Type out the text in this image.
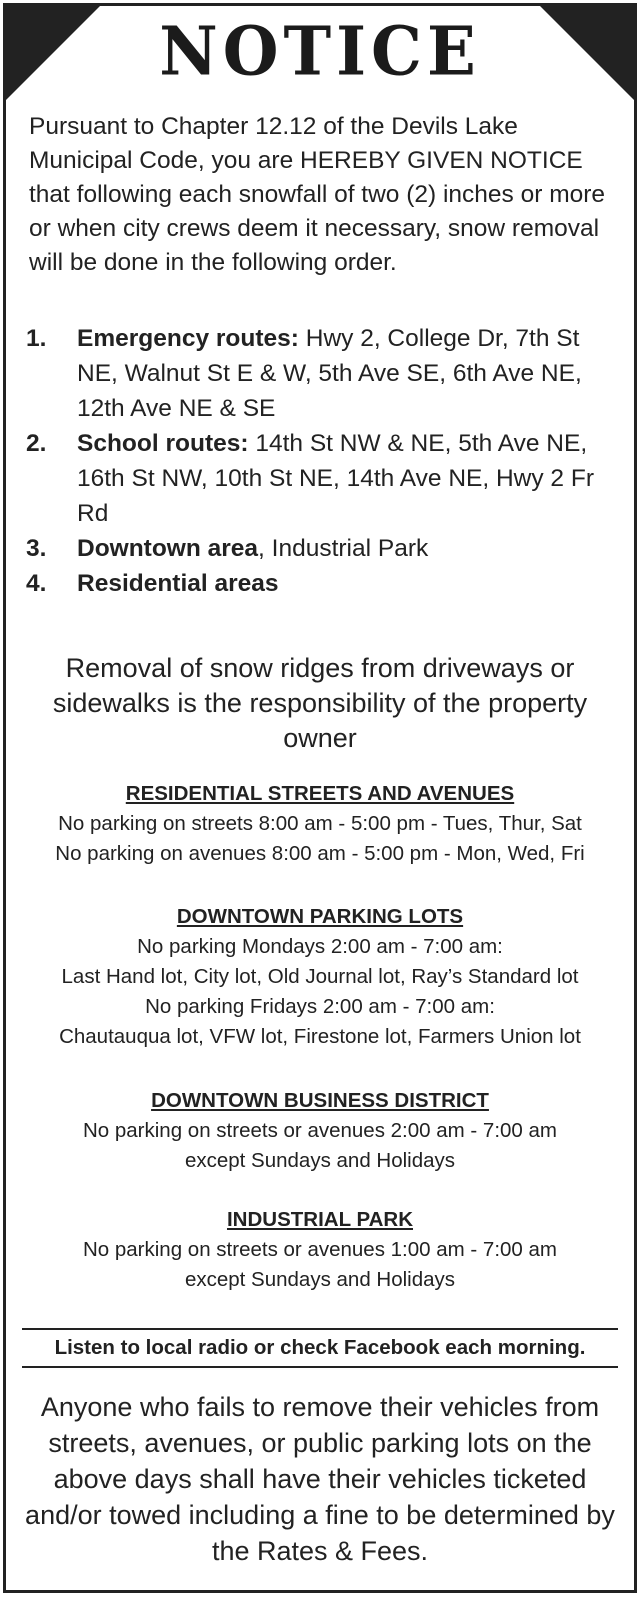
NOTICE
Pursuant to Chapter 12.12 of the Devils Lake Municipal Code, you are HEREBY GIVEN NOTICE that following each snowfall of two (2) inches or more or when city crews deem it necessary, snow removal will be done in the following order.
1.	Emergency routes: Hwy 2, College Dr, 7th St NE, Walnut St E & W, 5th Ave SE, 6th Ave NE, 12th Ave NE & SE
2.	School routes: 14th St NW & NE, 5th Ave NE, 16th St NW, 10th St NE, 14th Ave NE, Hwy 2 Fr Rd
3.	Downtown area, Industrial Park
4.	Residential areas
Removal of snow ridges from driveways or sidewalks is the responsibility of the property owner
RESIDENTIAL STREETS AND AVENUES
No parking on streets 8:00 am - 5:00 pm - Tues, Thur, Sat
No parking on avenues 8:00 am - 5:00 pm - Mon, Wed, Fri
DOWNTOWN PARKING LOTS
No parking Mondays 2:00 am - 7:00 am:
Last Hand lot, City lot, Old Journal lot, Ray’s Standard lot
No parking Fridays 2:00 am - 7:00 am:
Chautauqua lot, VFW lot, Firestone lot, Farmers Union lot
DOWNTOWN BUSINESS DISTRICT
No parking on streets or avenues 2:00 am - 7:00 am
except Sundays and Holidays
INDUSTRIAL PARK
No parking on streets or avenues 1:00 am - 7:00 am
except Sundays and Holidays
Listen to local radio or check Facebook each morning.
Anyone who fails to remove their vehicles from streets, avenues, or public parking lots on the above days shall have their vehicles ticketed and/or towed including a fine to be determined by the Rates & Fees.
